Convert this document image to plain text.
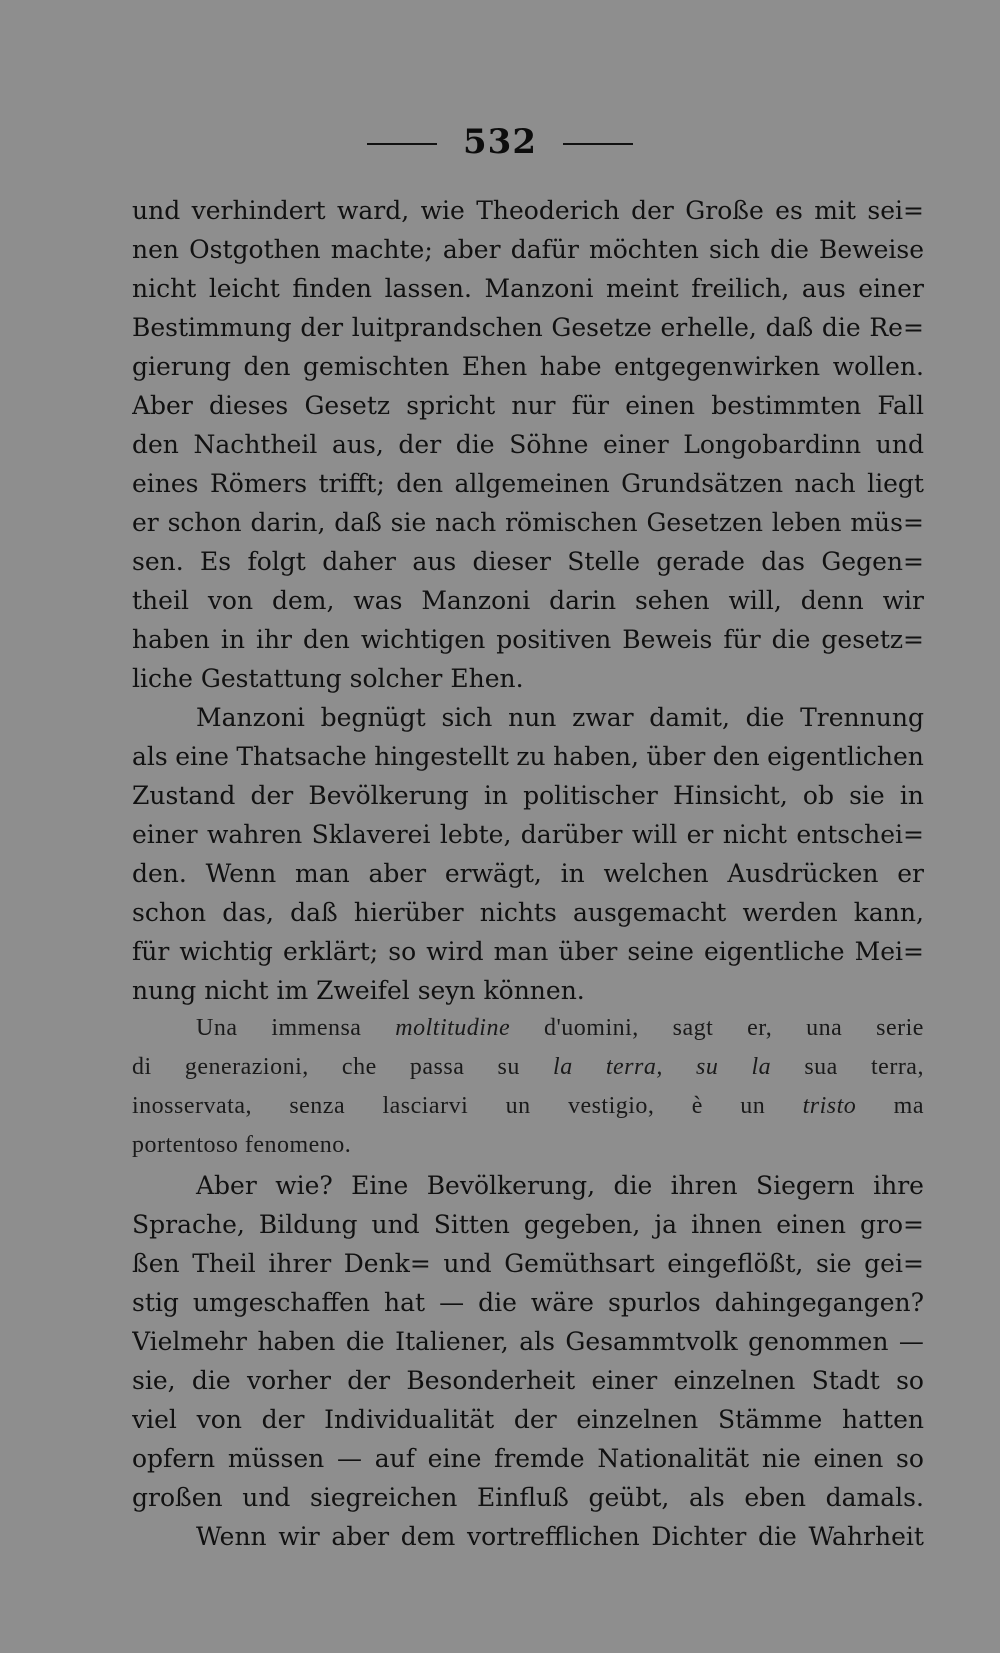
532
und verhindert ward, wie Theoderich der Große es mit sei=
nen Ostgothen machte; aber dafür möchten sich die Beweise
nicht leicht finden lassen. Manzoni meint freilich, aus einer
Bestimmung der luitprandschen Gesetze erhelle, daß die Re=
gierung den gemischten Ehen habe entgegenwirken wollen.
Aber dieses Gesetz spricht nur für einen bestimmten Fall
den Nachtheil aus, der die Söhne einer Longobardinn und
eines Römers trifft; den allgemeinen Grundsätzen nach liegt
er schon darin, daß sie nach römischen Gesetzen leben müs=
sen. Es folgt daher aus dieser Stelle gerade das Gegen=
theil von dem, was Manzoni darin sehen will, denn wir
haben in ihr den wichtigen positiven Beweis für die gesetz=
liche
Gestattung
solcher
Ehen.
Manzoni begnügt sich nun zwar damit, die Trennung
als eine Thatsache hingestellt zu haben, über den eigentlichen
Zustand der Bevölkerung in politischer Hinsicht, ob sie in
einer wahren Sklaverei lebte, darüber will er nicht entschei=
den. Wenn man aber erwägt, in welchen Ausdrücken er
schon das, daß hierüber nichts ausgemacht werden kann,
für wichtig erklärt; so wird man über seine eigentliche Mei=
nung
nicht
im
Zweifel
seyn
können.
Una immensa moltitudine d'uomini, sagt er, una serie
di generazioni, che passa su la terra, su la sua terra,
inosservata, senza lasciarvi un vestigio, è un tristo ma
portentoso
fenomeno.
Aber wie? Eine Bevölkerung, die ihren Siegern ihre
Sprache, Bildung und Sitten gegeben, ja ihnen einen gro=
ßen Theil ihrer Denk= und Gemüthsart eingeflößt, sie gei=
stig umgeschaffen hat — die wäre spurlos dahingegangen?
Vielmehr haben die Italiener, als Gesammtvolk genommen —
sie, die vorher der Besonderheit einer einzelnen Stadt so
viel von der Individualität der einzelnen Stämme hatten
opfern müssen — auf eine fremde Nationalität nie einen so
großen und siegreichen Einfluß geübt, als eben damals.
Wenn wir aber dem vortrefflichen Dichter die Wahrheit
